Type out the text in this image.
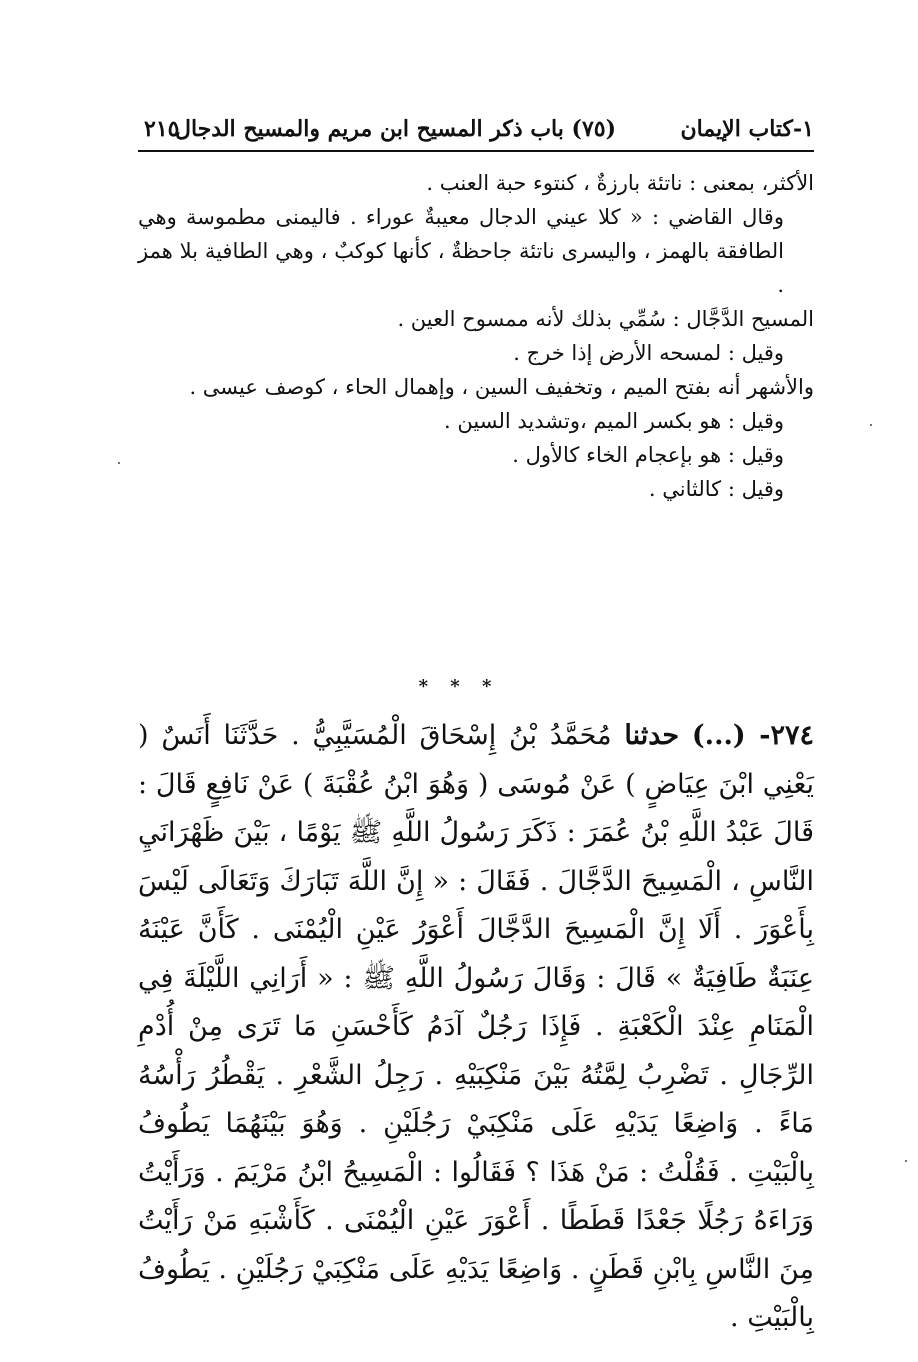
١-كتاب الإيمان
(٧٥) باب ذكر المسيح ابن مريم والمسيح الدجال
٢١٥

الأكثر، بمعنى : ناتئة بارزةٌ ، كنتوء حبة العنب .

وقال القاضي : « كلا عيني الدجال معيبةٌ عوراء . فاليمنى مطموسة وهي الطافقة بالهمز ، واليسرى ناتئة جاحظةٌ ، كأنها كوكبٌ ، وهي الطافية بلا همز .

المسيح الدَّجَّال : سُمِّي بذلك لأنه ممسوح العين .

وقيل : لمسحه الأرض إذا خرج .

والأشهر أنه بفتح الميم ، وتخفيف السين ، وإهمال الحاء ، كوصف عيسى .

وقيل : هو بكسر الميم ،وتشديد السين .

وقيل : هو بإعجام الخاء كالأول .

وقيل : كالثاني .

* * *
٢٧٤- (...) حدثنا مُحَمَّدُ بْنُ إِسْحَاقَ الْمُسَيَّبِيُّ . حَدَّثَنَا أَنَسٌ ( يَعْنِي ابْنَ عِيَاضٍ ) عَنْ مُوسَى ( وَهُوَ ابْنُ عُقْبَةَ ) عَنْ نَافِعٍ قَالَ : قَالَ عَبْدُ اللَّهِ بْنُ عُمَرَ : ذَكَرَ رَسُولُ اللَّهِ ﷺ يَوْمًا ، بَيْنَ ظَهْرَانَيِ النَّاسِ ، الْمَسِيحَ الدَّجَّالَ . فَقَالَ : « إِنَّ اللَّهَ تَبَارَكَ وَتَعَالَى لَيْسَ بِأَعْوَرَ . أَلَا إِنَّ الْمَسِيحَ الدَّجَّالَ أَعْوَرُ عَيْنِ الْيُمْنَى . كَأَنَّ عَيْنَهُ عِنَبَةٌ طَافِيَةٌ » قَالَ : وَقَالَ رَسُولُ اللَّهِ ﷺ : « أَرَانِي اللَّيْلَةَ فِي الْمَنَامِ عِنْدَ الْكَعْبَةِ . فَإِذَا رَجُلٌ آدَمُ كَأَحْسَنِ مَا تَرَى مِنْ أُدْمِ الرِّجَالِ . تَضْرِبُ لِمَّتُهُ بَيْنَ مَنْكِبَيْهِ . رَجِلُ الشَّعْرِ . يَقْطُرُ رَأْسُهُ مَاءً . وَاضِعًا يَدَيْهِ عَلَى مَنْكِبَيْ رَجُلَيْنِ . وَهُوَ بَيْنَهُمَا يَطُوفُ بِالْبَيْتِ . فَقُلْتُ : مَنْ هَذَا ؟ فَقَالُوا : الْمَسِيحُ ابْنُ مَرْيَمَ . وَرَأَيْتُ وَرَاءَهُ رَجُلًا جَعْدًا قَطَطًا . أَعْوَرَ عَيْنِ الْيُمْنَى . كَأَشْبَهِ مَنْ رَأَيْتُ مِنَ النَّاسِ بِابْنِ قَطَنٍ . وَاضِعًا يَدَيْهِ عَلَى مَنْكِبَيْ رَجُلَيْنِ . يَطُوفُ بِالْبَيْتِ .
